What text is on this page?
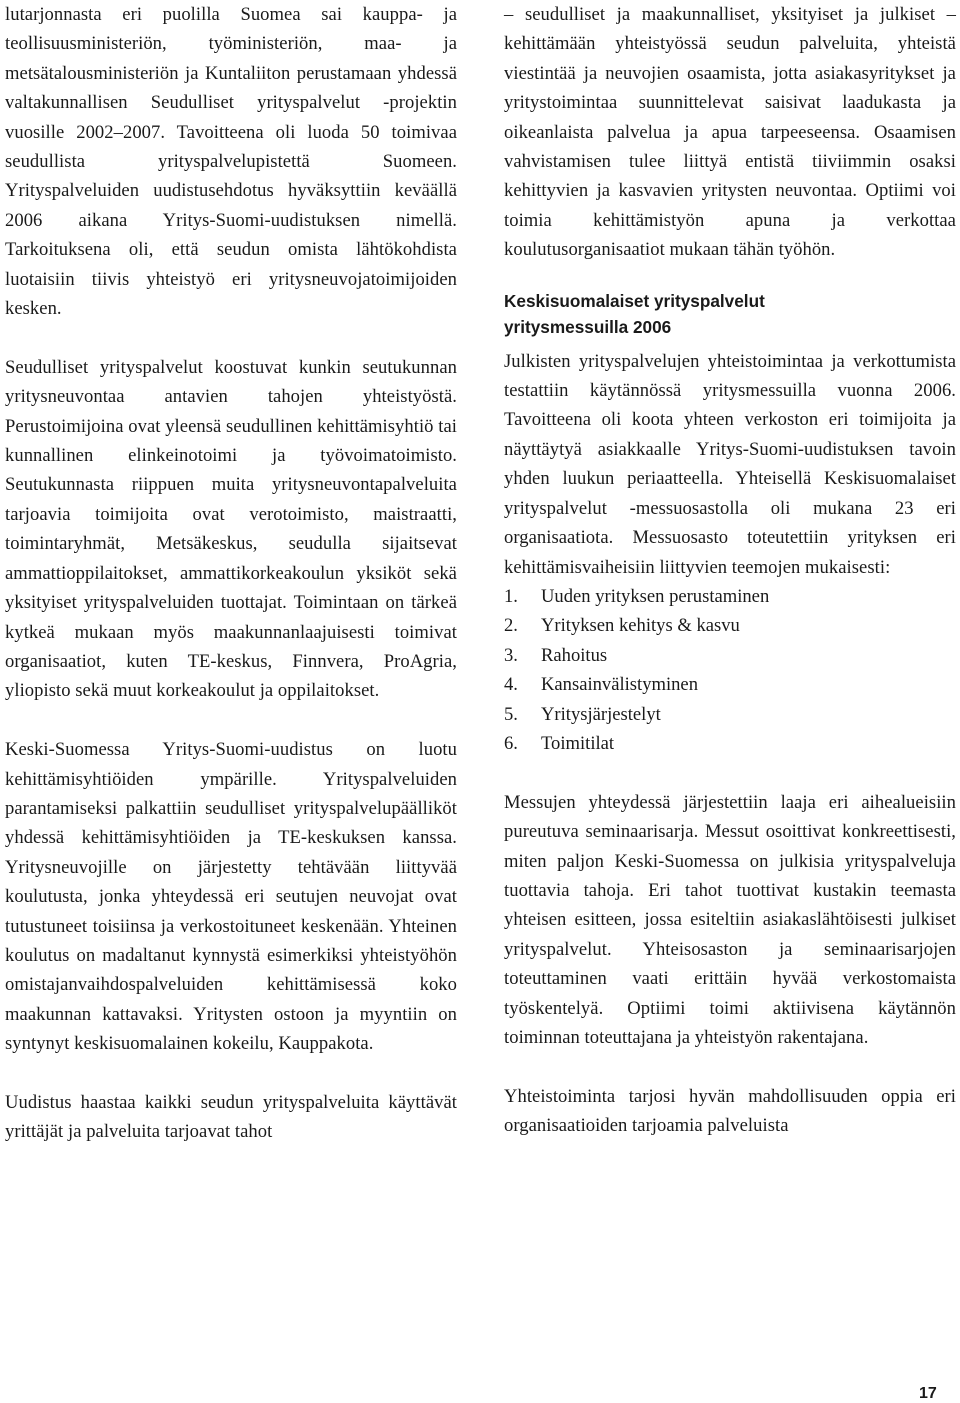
lutarjonnasta eri puolilla Suomea sai kauppa- ja teollisuusministeriön, työministeriön, maa- ja metsätalousministeriön ja Kuntaliiton perustamaan yhdessä valtakunnallisen Seudulliset yrityspalvelut -projektin vuosille 2002–2007. Tavoitteena oli luoda 50 toimivaa seudullista yrityspalvelupistettä Suomeen. Yrityspalveluiden uudistusehdotus hyväksyttiin keväällä 2006 aikana Yritys-Suomi-uudistuksen nimellä. Tarkoituksena oli, että seudun omista lähtökohdista luotaisiin tiivis yhteistyö eri yritysneuvojatoimijoiden kesken.

Seudulliset yrityspalvelut koostuvat kunkin seutukunnan yritysneuvontaa antavien tahojen yhteistyöstä. Perustoimijoina ovat yleensä seudullinen kehittämisyhtiö tai kunnallinen elinkeinotoimi ja työvoimatoimisto. Seutukunnasta riippuen muita yritysneuvontapalveluita tarjoavia toimijoita ovat verotoimisto, maistraatti, toimintaryhmät, Metsäkeskus, seudulla sijaitsevat ammattioppilaitokset, ammattikorkeakoulun yksiköt sekä yksityiset yrityspalveluiden tuottajat. Toimintaan on tärkeä kytkeä mukaan myös maakunnanlaajuisesti toimivat organisaatiot, kuten TE-keskus, Finnvera, ProAgria, yliopisto sekä muut korkeakoulut ja oppilaitokset.

Keski-Suomessa Yritys-Suomi-uudistus on luotu kehittämisyhtiöiden ympärille. Yrityspalveluiden parantamiseksi palkattiin seudulliset yrityspalvelupäälliköt yhdessä kehittämisyhtiöiden ja TE-keskuksen kanssa. Yritysneuvojille on järjestetty tehtävään liittyvää koulutusta, jonka yhteydessä eri seutujen neuvojat ovat tutustuneet toisiinsa ja verkostoituneet keskenään. Yhteinen koulutus on madaltanut kynnystä esimerkiksi yhteistyöhön omistajanvaihdospalveluiden kehittämisessä koko maakunnan kattavaksi. Yritysten ostoon ja myyntiin on syntynyt keskisuomalainen kokeilu, Kauppakota.

Uudistus haastaa kaikki seudun yrityspalveluita käyttävät yrittäjät ja palveluita tarjoavat tahot

– seudulliset ja maakunnalliset, yksityiset ja julkiset – kehittämään yhteistyössä seudun palveluita, yhteistä viestintää ja neuvojien osaamista, jotta asiakasyritykset ja yritystoimintaa suunnittelevat saisivat laadukasta ja oikeanlaista palvelua ja apua tarpeeseensa. Osaamisen vahvistamisen tulee liittyä entistä tiiviimmin osaksi kehittyvien ja kasvavien yritysten neuvontaa. Optiimi voi toimia kehittämistyön apuna ja verkottaa koulutusorganisaatiot mukaan tähän työhön.

Keskisuomalaiset yrityspalvelut
yritysmessuilla 2006

Julkisten yrityspalvelujen yhteistoimintaa ja verkottumista testattiin käytännössä yritysmessuilla vuonna 2006. Tavoitteena oli koota yhteen verkoston eri toimijoita ja näyttäytyä asiakkaalle Yritys-Suomi-uudistuksen tavoin yhden luukun periaatteella. Yhteisellä Keskisuomalaiset yrityspalvelut -messuosastolla oli mukana 23 eri organisaatiota. Messuosasto toteutettiin yrityksen eri kehittämisvaiheisiin liittyvien teemojen mukaisesti:

1.	Uuden yrityksen perustaminen
2.	Yrityksen kehitys & kasvu
3.	Rahoitus
4.	Kansainvälistyminen
5.	Yritysjärjestelyt
6.	Toimitilat

Messujen yhteydessä järjestettiin laaja eri aihealueisiin pureutuva seminaarisarja. Messut osoittivat konkreettisesti, miten paljon Keski-Suomessa on julkisia yrityspalveluja tuottavia tahoja. Eri tahot tuottivat kustakin teemasta yhteisen esitteen, jossa esiteltiin asiakaslähtöisesti julkiset yrityspalvelut. Yhteisosaston ja seminaarisarjojen toteuttaminen vaati erittäin hyvää verkostomaista työskentelyä. Optiimi toimi aktiivisena käytännön toiminnan toteuttajana ja yhteistyön rakentajana.

Yhteistoiminta tarjosi hyvän mahdollisuuden oppia eri organisaatioiden tarjoamia palveluista

17
